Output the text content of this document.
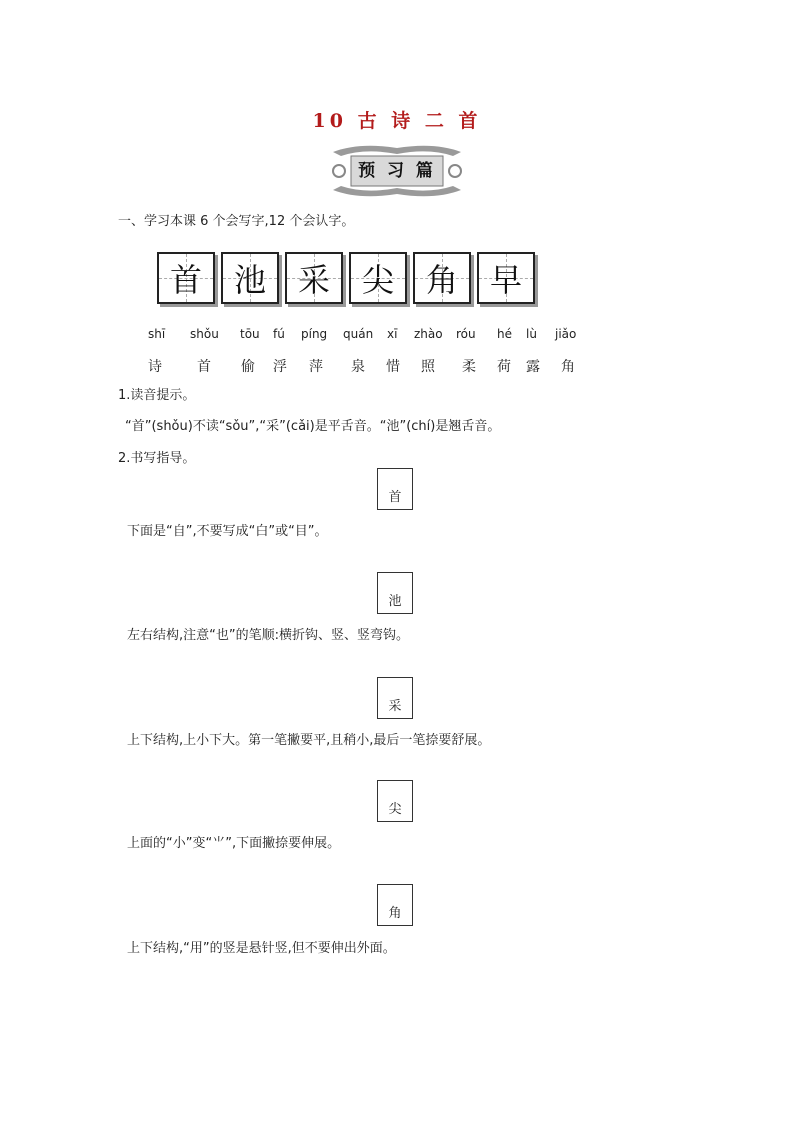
10 古 诗 二 首
预 习 篇
一、学习本课 6 个会写字,12 个会认字。
首 池 采 尖 角 早
shī shǒu tōu fú píng quán xī zhào róu hé lù jiǎo
诗	首 偷 浮 萍 泉 惜 照 柔 荷 露 角
1.读音提示。
“首”(shǒu)不读“sǒu”,“采”(cǎi)是平舌音。“池”(chí)是翘舌音。
2.书写指导。
首
下面是“自”,不要写成“白”或“目”。
池
左右结构,注意“也”的笔顺:横折钩、竖、竖弯钩。
采
上下结构,上小下大。第一笔撇要平,且稍小,最后一笔捺要舒展。
尖
上面的“小”变“⺌”,下面撇捺要伸展。
角
上下结构,“用”的竖是悬针竖,但不要伸出外面。
